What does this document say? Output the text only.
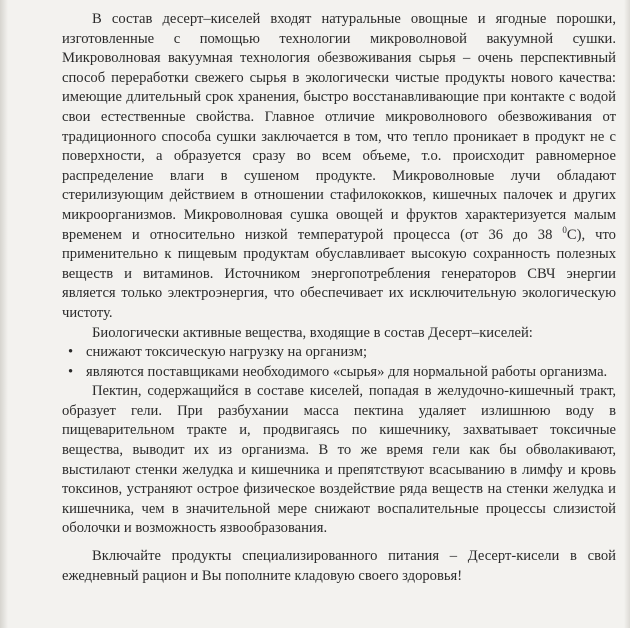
В состав десерт–киселей входят натуральные овощные и ягодные порошки, изготовленные с помощью технологии микроволновой вакуумной сушки. Микроволновая вакуумная технология обезвоживания сырья – очень перспективный способ переработки свежего сырья в экологически чистые продукты нового качества: имеющие длительный срок хранения, быстро восстанавливающие при контакте с водой свои естественные свойства. Главное отличие микроволнового обезвоживания от традиционного способа сушки заключается в том, что тепло проникает в продукт не с поверхности, а образуется сразу во всем объеме, т.о. происходит равномерное распределение влаги в сушеном продукте. Микроволновые лучи обладают стерилизующим действием в отношении стафилококков, кишечных палочек и других микроорганизмов. Микроволновая сушка овощей и фруктов характеризуется малым временем и относительно низкой температурой процесса (от 36 до 38 $^0$С), что применительно к пищевым продуктам обуславливает высокую сохранность полезных веществ и витаминов. Источником энергопотребления генераторов СВЧ энергии является только электроэнергия, что обеспечивает их исключительную экологическую чистоту.

Биологически активные вещества, входящие в состав Десерт–киселей:

• снижают токсическую нагрузку на организм;
• являются поставщиками необходимого «сырья» для нормальной работы организма.

Пектин, содержащийся в составе киселей, попадая в желудочно-кишечный тракт, образует гели. При разбухании масса пектина удаляет излишнюю воду в пищеварительном тракте и, продвигаясь по кишечнику, захватывает токсичные вещества, выводит их из организма. В то же время гели как бы обволакивают, выстилают стенки желудка и кишечника и препятствуют всасыванию в лимфу и кровь токсинов, устраняют острое физическое воздействие ряда веществ на стенки желудка и кишечника, чем в значительной мере снижают воспалительные процессы слизистой оболочки и возможность язвообразования.

Включайте продукты специализированного питания – Десерт-кисели в свой ежедневный рацион и Вы пополните кладовую своего здоровья!
